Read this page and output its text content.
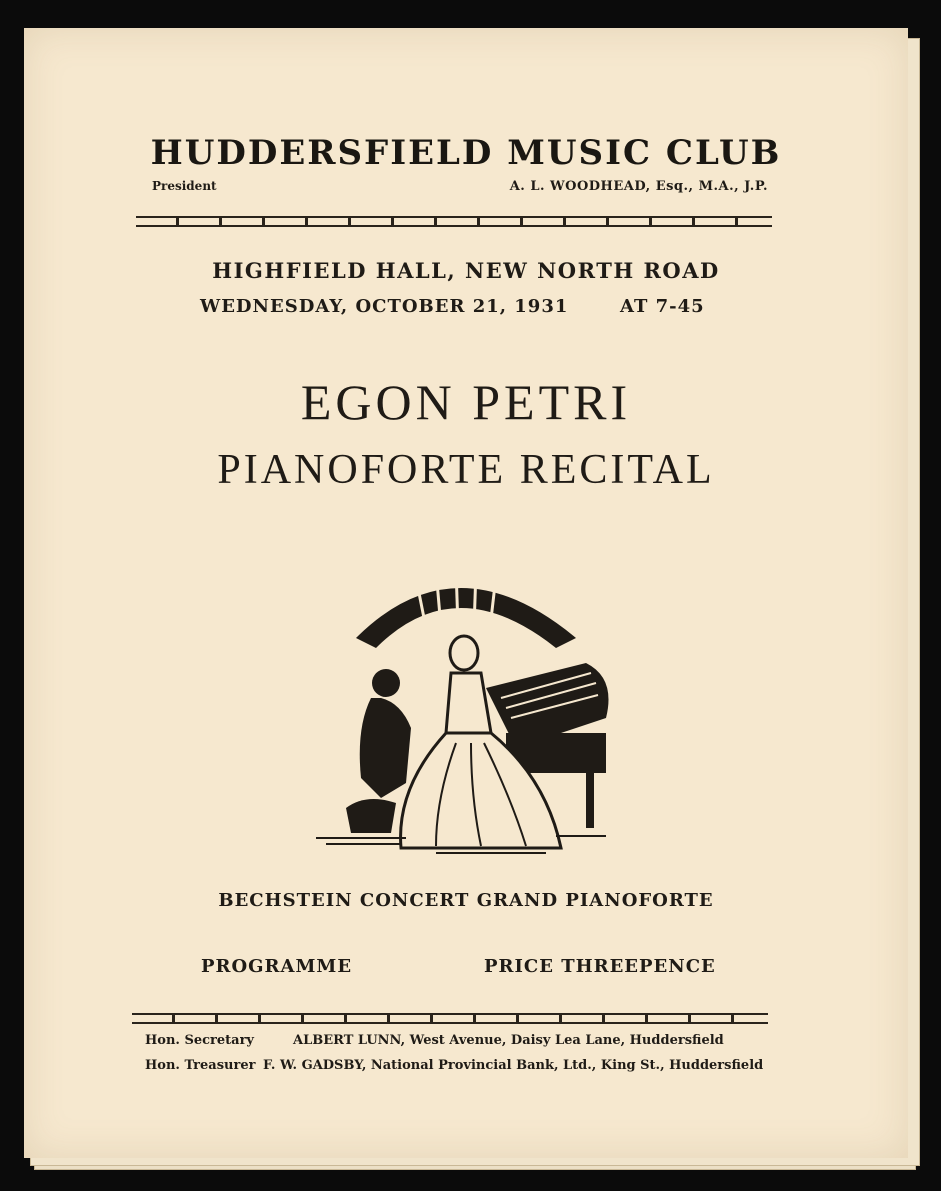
HUDDERSFIELD MUSIC CLUB
President	A. L. WOODHEAD, Esq., M.A., J.P.
HIGHFIELD HALL, NEW NORTH ROAD
WEDNESDAY, OCTOBER 21, 1931	AT 7-45
EGON PETRI
PIANOFORTE RECITAL
BECHSTEIN CONCERT GRAND PIANOFORTE
PROGRAMME	PRICE THREEPENCE
Hon. Secretary	ALBERT LUNN, West Avenue, Daisy Lea Lane, Huddersfield
Hon. Treasurer F. W. GADSBY, National Provincial Bank, Ltd., King St., Huddersfield
